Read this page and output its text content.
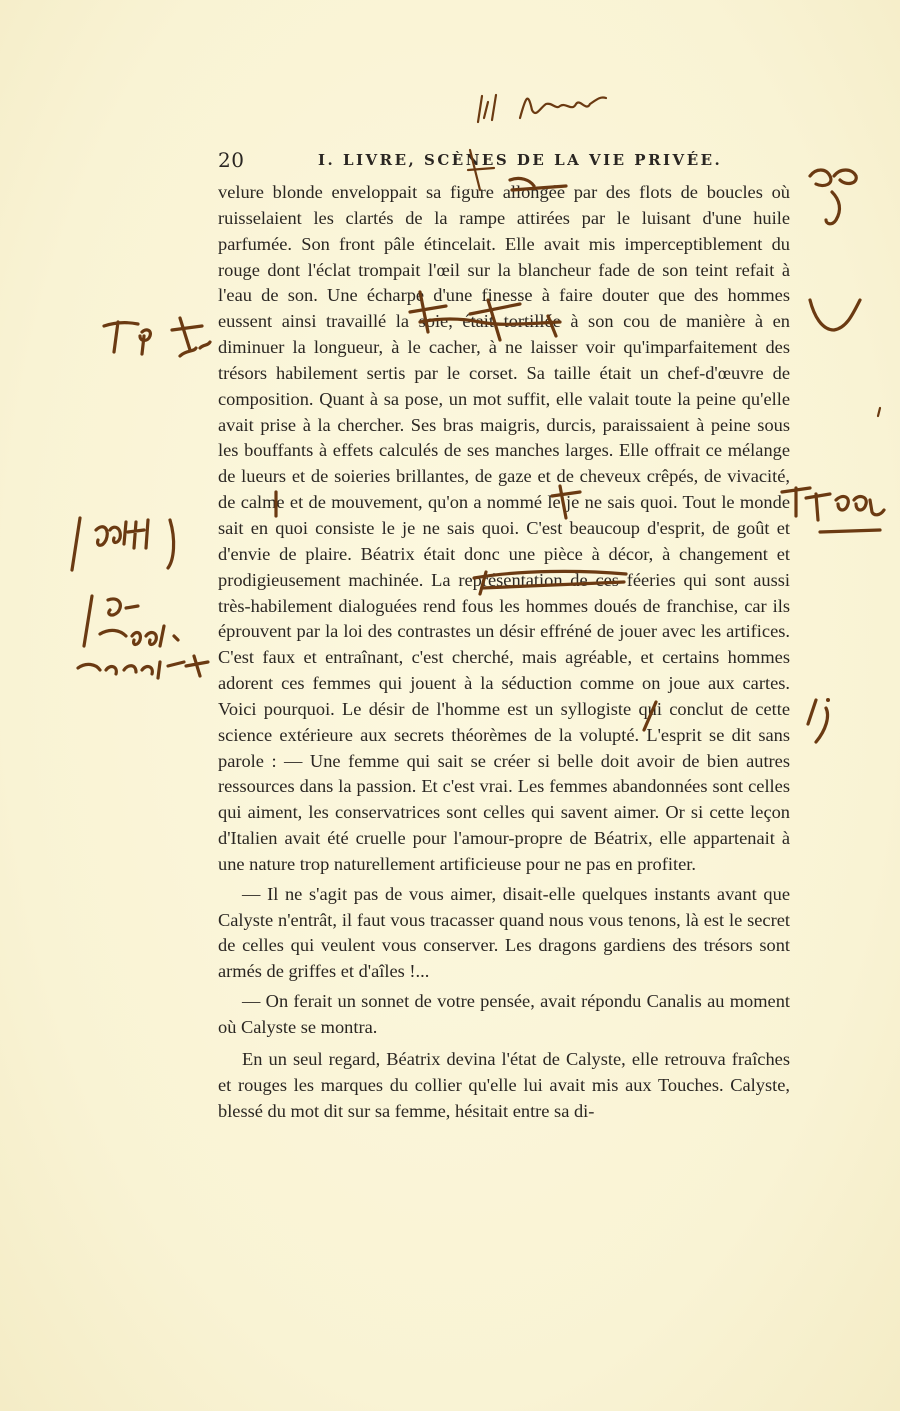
20	I. LIVRE, SCÈNES DE LA VIE PRIVÉE.

velure blonde enveloppait sa figure allongée par des flots de boucles où ruisselaient les clartés de la rampe attirées par le luisant d'une huile parfumée. Son front pâle étincelait. Elle avait mis imperceptiblement du rouge dont l'éclat trompait l'œil sur la blancheur fade de son teint refait à l'eau de son. Une écharpe d'une finesse à faire douter que des hommes eussent ainsi travaillé la soie, était tortillée à son cou de manière à en diminuer la longueur, à le cacher, à ne laisser voir qu'imparfaitement des trésors habilement sertis par le corset. Sa taille était un chef-d'œuvre de composition. Quant à sa pose, un mot suffit, elle valait toute la peine qu'elle avait prise à la chercher. Ses bras maigris, durcis, paraissaient à peine sous les bouffants à effets calculés de ses manches larges. Elle offrait ce mélange de lueurs et de soieries brillantes, de gaze et de cheveux crêpés, de vivacité, de calme et de mouvement, qu'on a nommé le je ne sais quoi. Tout le monde sait en quoi consiste le je ne sais quoi. C'est beaucoup d'esprit, de goût et d'envie de plaire. Béatrix était donc une pièce à décor, à changement et prodigieusement machinée. La représentation de ces féeries qui sont aussi très-habilement dialoguées rend fous les hommes doués de franchise, car ils éprouvent par la loi des contrastes un désir effréné de jouer avec les artifices. C'est faux et entraînant, c'est cherché, mais agréable, et certains hommes adorent ces femmes qui jouent à la séduction comme on joue aux cartes. Voici pourquoi. Le désir de l'homme est un syllogiste qui conclut de cette science extérieure aux secrets théorèmes de la volupté. L'esprit se dit sans parole : — Une femme qui sait se créer si belle doit avoir de bien autres ressources dans la passion. Et c'est vrai. Les femmes abandonnées sont celles qui aiment, les conservatrices sont celles qui savent aimer. Or si cette leçon d'Italien avait été cruelle pour l'amour-propre de Béatrix, elle appartenait à une nature trop naturellement artificieuse pour ne pas en profiter.

— Il ne s'agit pas de vous aimer, disait-elle quelques instants avant que Calyste n'entrât, il faut vous tracasser quand nous vous tenons, là est le secret de celles qui veulent vous conserver. Les dragons gardiens des trésors sont armés de griffes et d'aîles !...

— On ferait un sonnet de votre pensée, avait répondu Canalis au moment où Calyste se montra.

En un seul regard, Béatrix devina l'état de Calyste, elle retrouva fraîches et rouges les marques du collier qu'elle lui avait mis aux Touches. Calyste, blessé du mot dit sur sa femme, hésitait entre sa di-
